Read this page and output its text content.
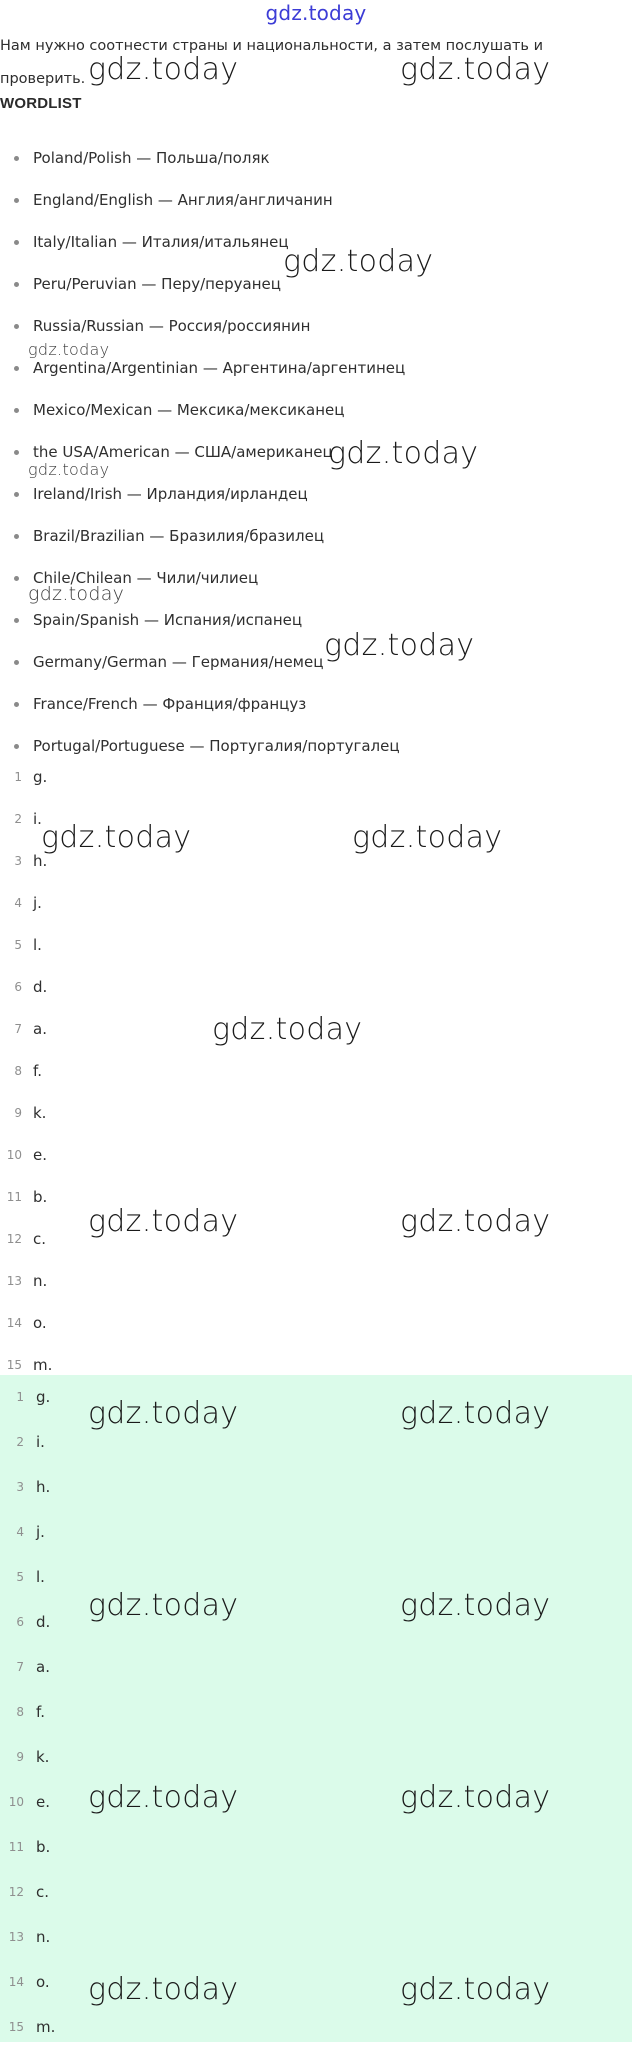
gdz.today
Нам нужно соотнести страны и национальности, а затем послушать и проверить.
WORDLIST
Poland/Polish — Польша/поляк
England/English — Англия/англичанин
Italy/Italian — Италия/итальянец
Peru/Peruvian — Перу/перуанец
Russia/Russian — Россия/россиянин
Argentina/Argentinian — Аргентина/аргентинец
Mexico/Mexican — Мексика/мексиканец
the USA/American — США/американец
Ireland/Irish — Ирландия/ирландец
Brazil/Brazilian — Бразилия/бразилец
Chile/Chilean — Чили/чилиец
Spain/Spanish — Испания/испанец
Germany/German — Германия/немец
France/French — Франция/француз
Portugal/Portuguese — Португалия/португалец
1 g.
2 i.
3 h.
4 j.
5 l.
6 d.
7 a.
8 f.
9 k.
10 e.
11 b.
12 c.
13 n.
14 o.
15 m.
1 g.
2 i.
3 h.
4 j.
5 l.
6 d.
7 a.
8 f.
9 k.
10 e.
11 b.
12 c.
13 n.
14 o.
15 m.
gdz.today	gdz.today
gdz.today
gdz.today
gdz.today
gdz.today
gdz.today
gdz.today
gdz.today	gdz.today
gdz.today
gdz.today	gdz.today
gdz.today	gdz.today
gdz.today	gdz.today
gdz.today	gdz.today
gdz.today	gdz.today
